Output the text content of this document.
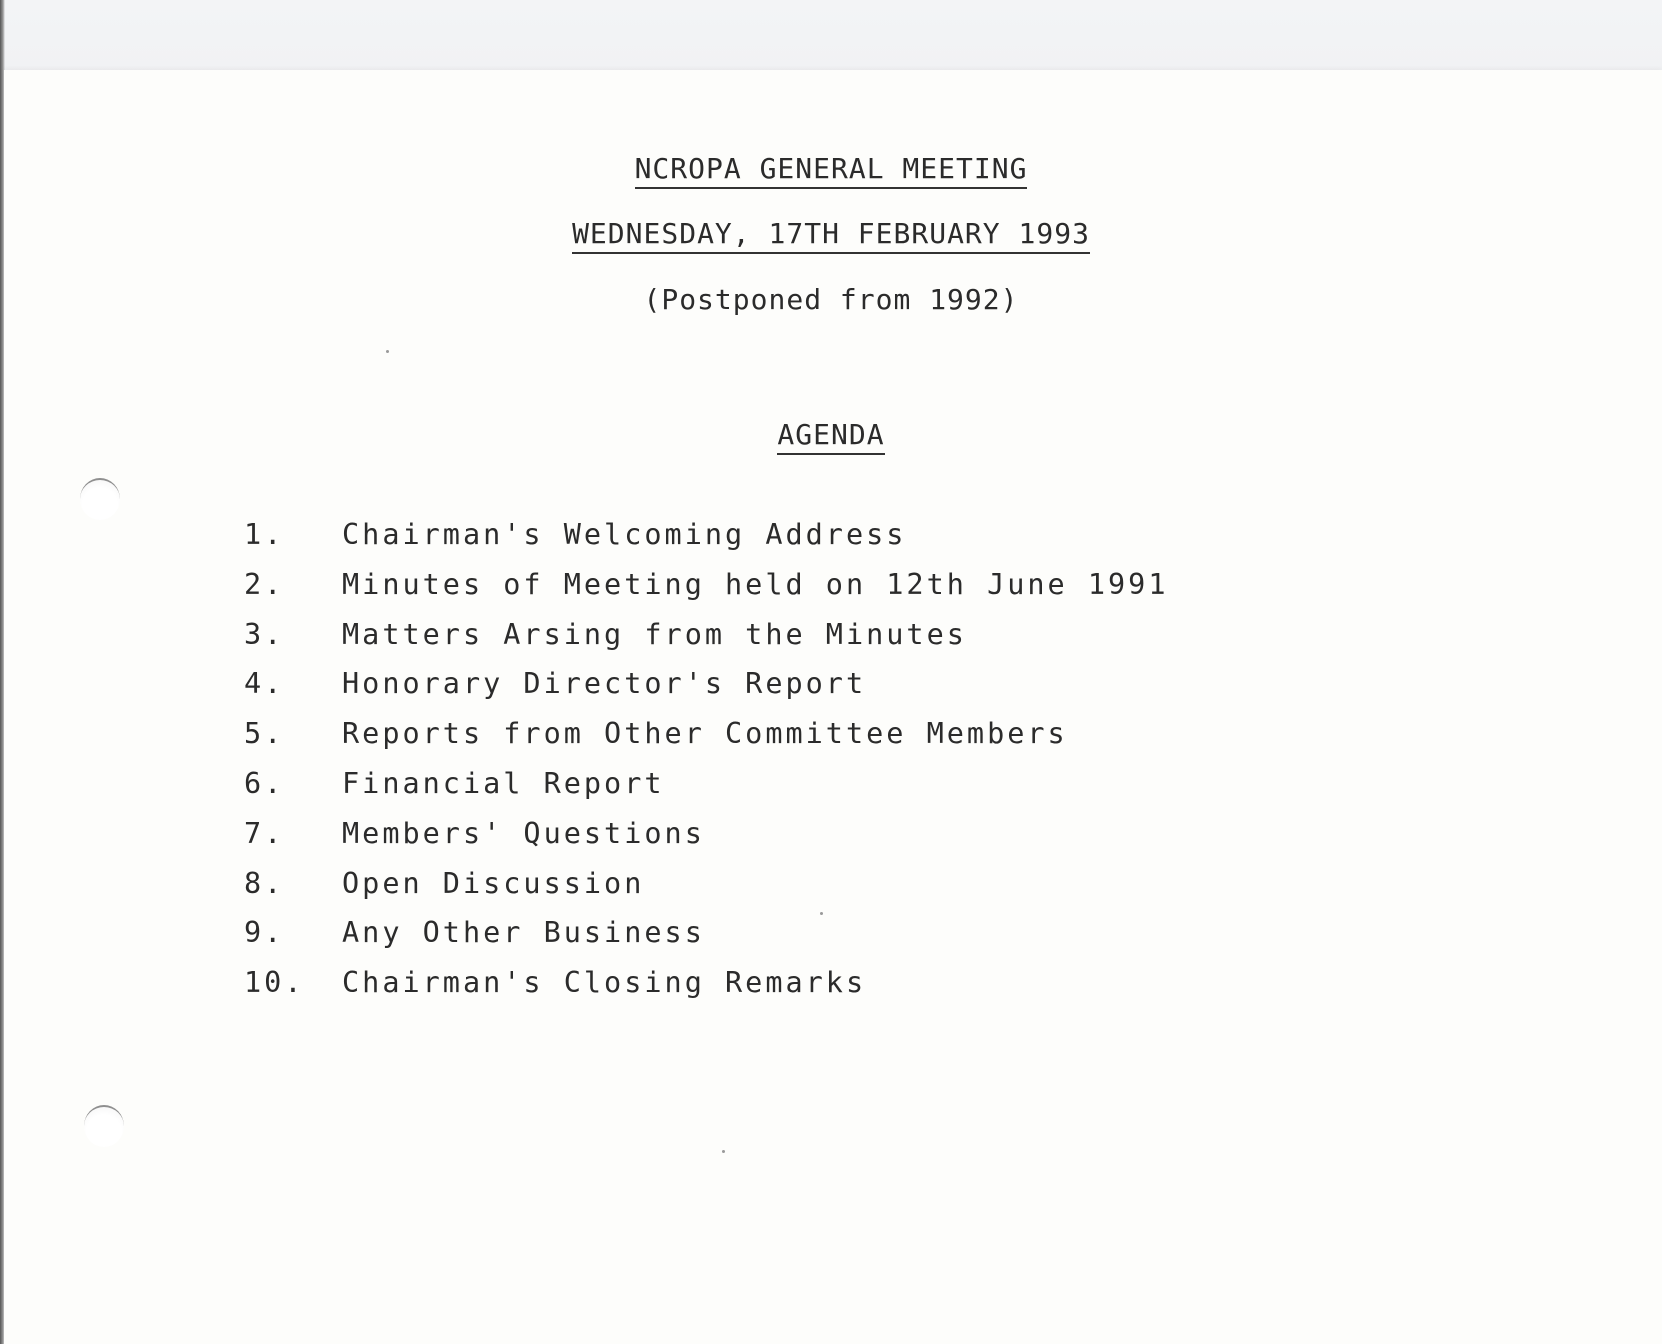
NCROPA GENERAL MEETING
WEDNESDAY, 17TH FEBRUARY 1993
(Postponed from 1992)
AGENDA
1.	Chairman's Welcoming Address
2.	Minutes of Meeting held on 12th June 1991
3.	Matters Arsing from the Minutes
4.	Honorary Director's Report
5.	Reports from Other Committee Members
6.	Financial Report
7.	Members' Questions
8.	Open Discussion
9.	Any Other Business
10.	Chairman's Closing Remarks
